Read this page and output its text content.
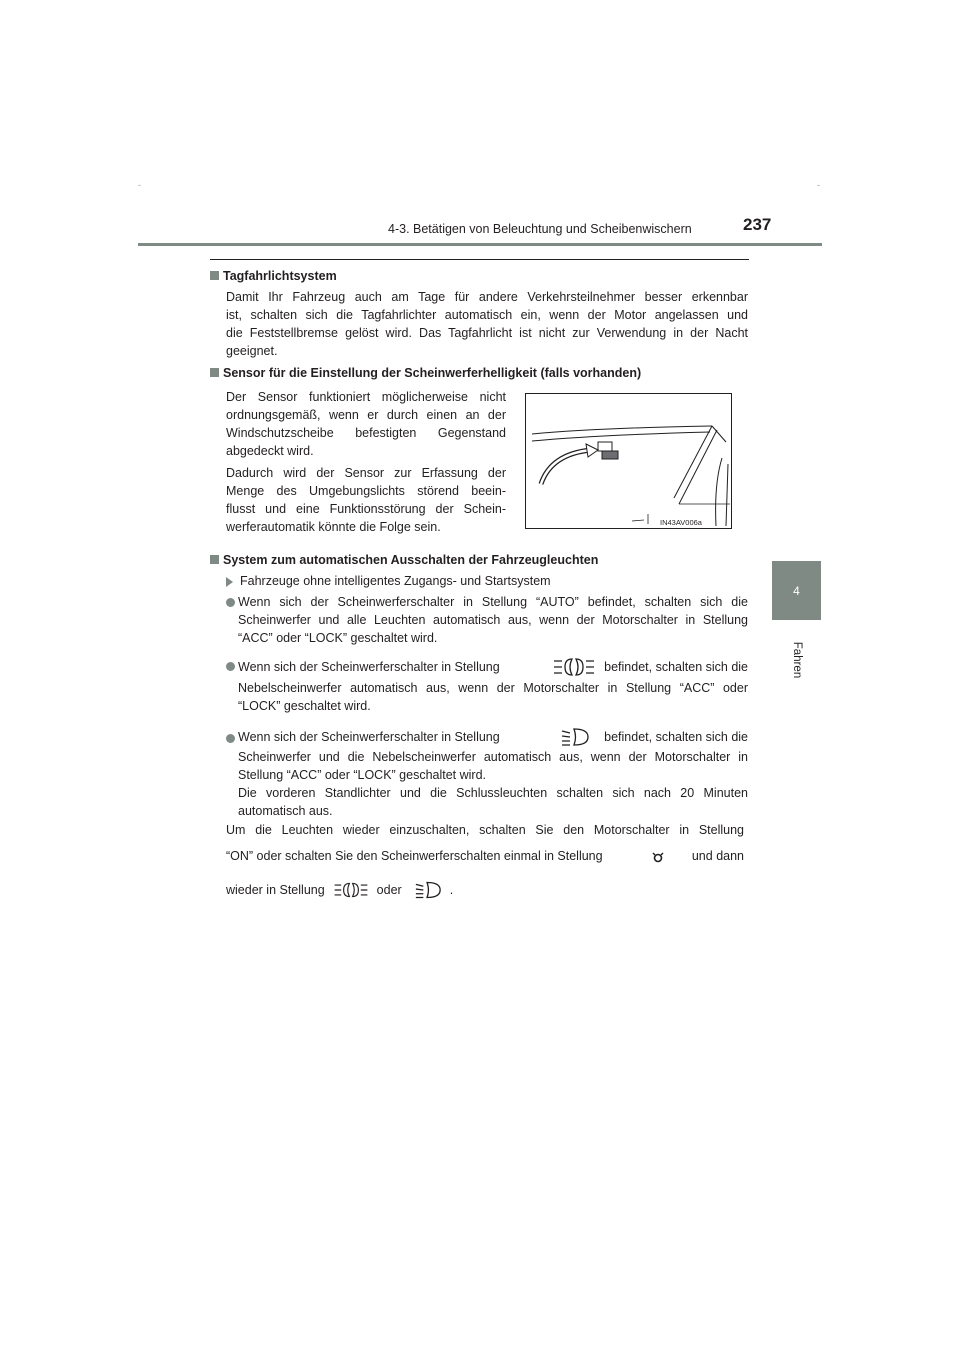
-	-
4-3. Betätigen von Beleuchtung und Scheibenwischern	237
4
Fahren
Tagfahrlichtsystem
Damit Ihr Fahrzeug auch am Tage für andere Verkehrsteilnehmer besser erkennbar
ist, schalten sich die Tagfahrlichter automatisch ein, wenn der Motor angelassen und
die Feststellbremse gelöst wird. Das Tagfahrlicht ist nicht zur Verwendung in der Nacht
geeignet.
Sensor für die Einstellung der Scheinwerferhelligkeit (falls vorhanden)
Der Sensor funktioniert möglicherweise nicht
ordnungsgemäß, wenn er durch einen an der
Windschutzscheibe befestigten Gegenstand
abgedeckt wird.
Dadurch wird der Sensor zur Erfassung der
Menge des Umgebungslichts störend beein-
flusst und eine Funktionsstörung der Schein-
werferautomatik könnte die Folge sein.	IN43AV006a
System zum automatischen Ausschalten der Fahrzeugleuchten
Fahrzeuge ohne intelligentes Zugangs- und Startsystem
Wenn sich der Scheinwerferschalter in Stellung “AUTO” befindet, schalten sich die
Scheinwerfer und alle Leuchten automatisch aus, wenn der Motorschalter in Stellung
“ACC” oder “LOCK” geschaltet wird.
Wenn sich der Scheinwerferschalter in Stellung	befindet, schalten sich die
Nebelscheinwerfer automatisch aus, wenn der Motorschalter in Stellung “ACC” oder
“LOCK” geschaltet wird.
Wenn sich der Scheinwerferschalter in Stellung	befindet, schalten sich die
Scheinwerfer und die Nebelscheinwerfer automatisch aus, wenn der Motorschalter in
Stellung “ACC” oder “LOCK” geschaltet wird.
Die vorderen Standlichter und die Schlussleuchten schalten sich nach 20 Minuten
automatisch aus.
Um die Leuchten wieder einzuschalten, schalten Sie den Motorschalter in Stellung
“ON” oder schalten Sie den Scheinwerferschalten einmal in Stellung	und dann
wieder in Stellung	oder	.
